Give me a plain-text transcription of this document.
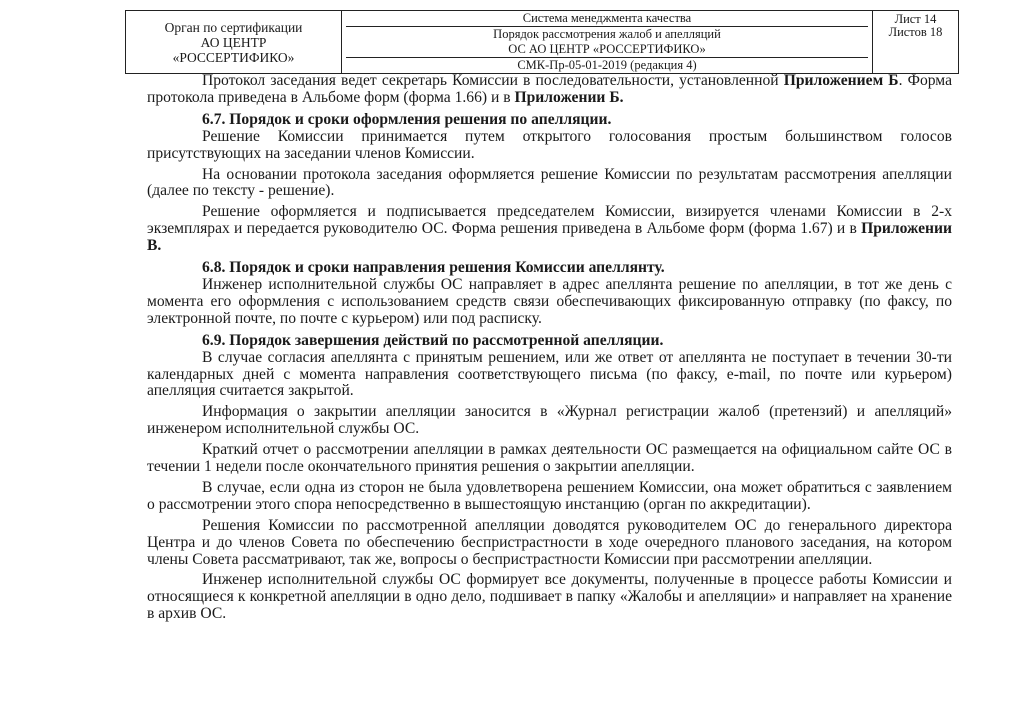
Орган по сертификации
АО ЦЕНТР
«РОССЕРТИФИКО»

Система менеджмента качества
Порядок рассмотрения жалоб и апелляций
ОС АО ЦЕНТР «РОССЕРТИФИКО»
СМК-Пр-05-01-2019 (редакция 4)

Лист 14
Листов 18

Протокол заседания ведет секретарь Комиссии в последовательности, установленной Приложением Б. Форма протокола приведена в Альбоме форм (форма 1.66) и в Приложении Б.

6.7. Порядок и сроки оформления решения по апелляции.

Решение Комиссии принимается путем открытого голосования простым большинством голосов присутствующих на заседании членов Комиссии.

На основании протокола заседания оформляется решение Комиссии по результатам рассмотрения апелляции (далее по тексту - решение).

Решение оформляется и подписывается председателем Комиссии, визируется членами Комиссии в 2-х экземплярах и передается руководителю ОС. Форма решения приведена в Альбоме форм (форма 1.67) и в Приложении В.

6.8. Порядок и сроки направления решения Комиссии апеллянту.

Инженер исполнительной службы ОС направляет в адрес апеллянта решение по апелляции, в тот же день с момента его оформления с использованием средств связи обеспечивающих фиксированную отправку (по факсу, по электронной почте, по почте с курьером) или под расписку.

6.9. Порядок завершения действий по рассмотренной апелляции.

В случае согласия апеллянта с принятым решением, или же ответ от апеллянта не поступает в течении 30-ти календарных дней с момента направления соответствующего письма (по факсу, e-mail, по почте или курьером) апелляция считается закрытой.

Информация о закрытии апелляции заносится в «Журнал регистрации жалоб (претензий) и апелляций» инженером исполнительной службы ОС.

Краткий отчет о рассмотрении апелляции в рамках деятельности ОС размещается на официальном сайте ОС в течении 1 недели после окончательного принятия решения о закрытии апелляции.

В случае, если одна из сторон не была удовлетворена решением Комиссии, она может обратиться с заявлением о рассмотрении этого спора непосредственно в вышестоящую инстанцию (орган по аккредитации).

Решения Комиссии по рассмотренной апелляции доводятся руководителем ОС до генерального директора Центра и до членов Совета по обеспечению беспристрастности в ходе очередного планового заседания, на котором члены Совета рассматривают, так же, вопросы о беспристрастности Комиссии при рассмотрении апелляции.

Инженер исполнительной службы ОС формирует все документы, полученные в процессе работы Комиссии и относящиеся к конкретной апелляции в одно дело, подшивает в папку «Жалобы и апелляции» и направляет на хранение в архив ОС.
